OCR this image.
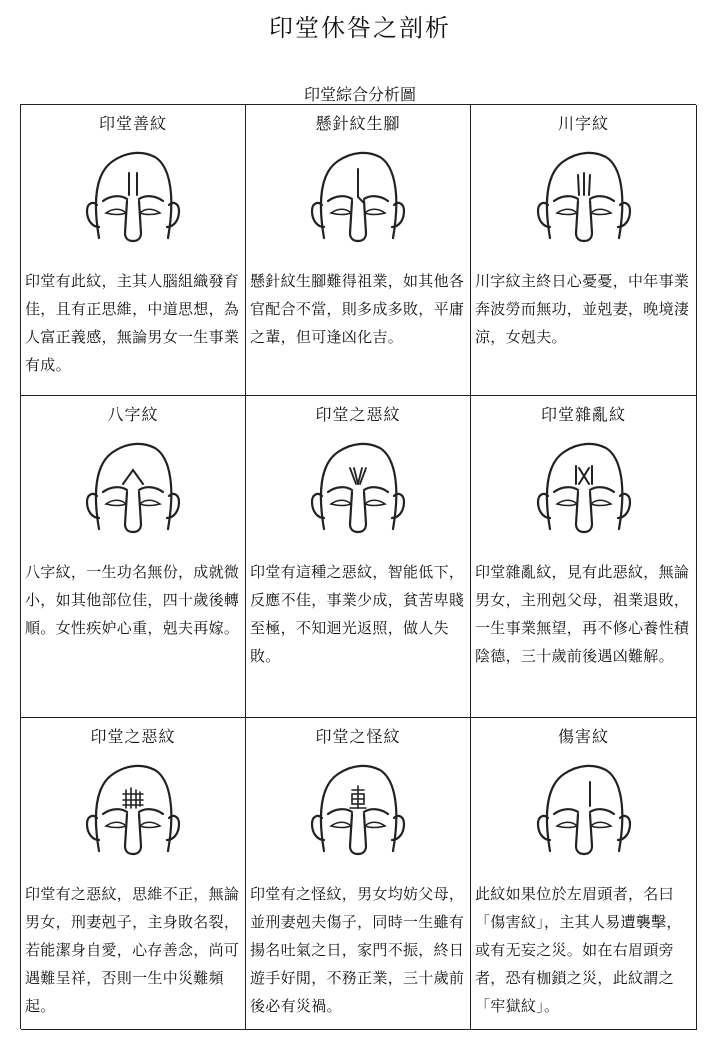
印堂休咎之剖析
印堂綜合分析圖
印堂善紋
印堂有此紋，主其人腦組織發育佳，且有正思維，中道思想，為人富正義感，無論男女一生事業有成。
懸針紋生腳
懸針紋生腳難得祖業，如其他各官配合不當，則多成多敗，平庸之輩，但可逢凶化吉。
川字紋
川字紋主終日心憂憂，中年事業奔波勞而無功，並剋妻，晚境淒涼，女剋夫。
八字紋
八字紋，一生功名無份，成就微小，如其他部位佳，四十歲後轉順。女性疾妒心重，剋夫再嫁。
印堂之惡紋
印堂有這種之惡紋，智能低下，反應不佳，事業少成，貧苦卑賤至極，不知迴光返照，做人失敗。
印堂雜亂紋
印堂雜亂紋，見有此惡紋，無論男女，主刑剋父母，祖業退敗，一生事業無望，再不修心養性積陰德，三十歲前後遇凶難解。
印堂之惡紋
印堂有之惡紋，思維不正，無論男女，刑妻剋子，主身敗名裂，若能潔身自愛，心存善念，尚可遇難呈祥，否則一生中災難頻起。
印堂之怪紋
印堂有之怪紋，男女均妨父母，並刑妻剋夫傷子，同時一生雖有揚名吐氣之日，家門不振，終日遊手好閒，不務正業，三十歲前後必有災禍。
傷害紋
此紋如果位於左眉頭者，名曰「傷害紋」，主其人易遭襲擊，或有无妄之災。如在右眉頭旁者，恐有枷鎖之災，此紋謂之「牢獄紋」。
